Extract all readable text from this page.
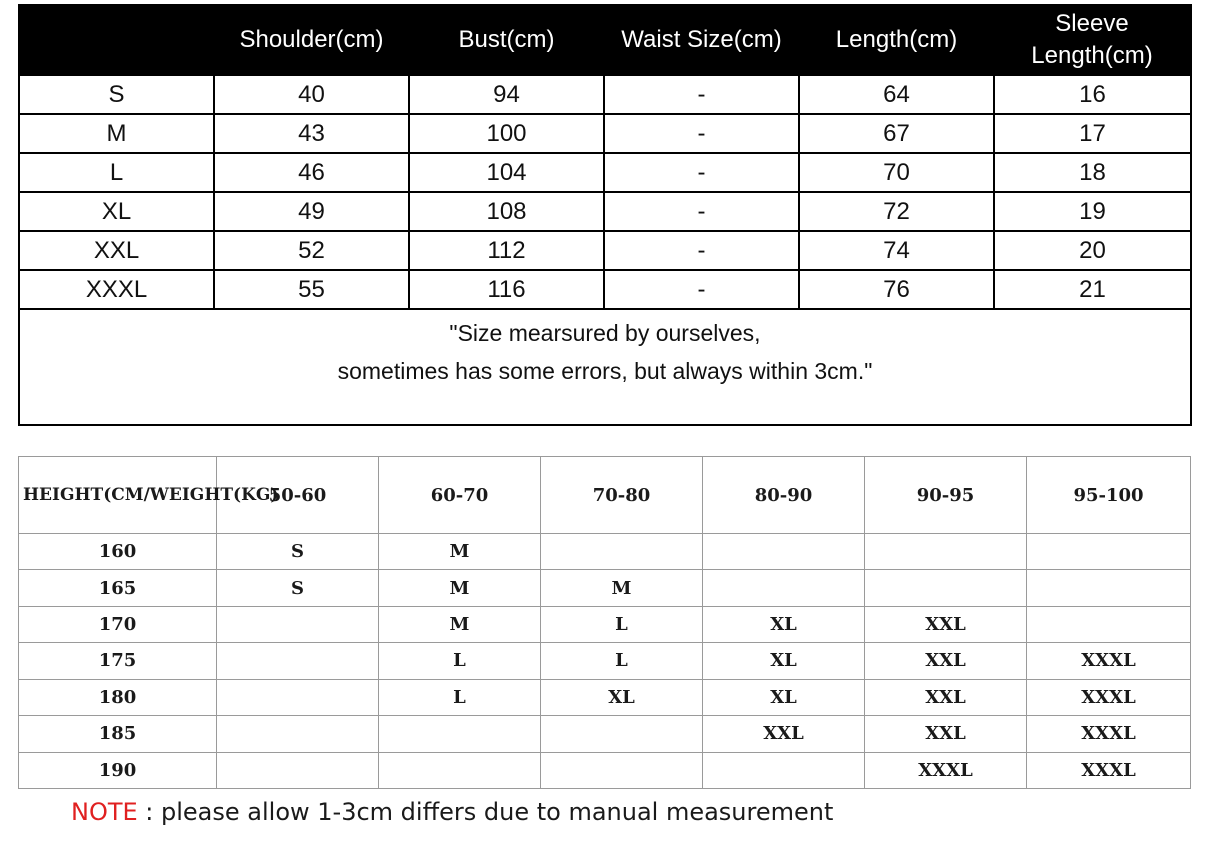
	Shoulder(cm)	Bust(cm)	Waist Size(cm)	Length(cm)	Sleeve
Length(cm)

S	40	94	-	64	16
M	43	100	-	67	17
L	46	104	-	70	18
XL	49	108	-	72	19
XXL	52	112	-	74	20
XXXL	55	116	-	76	21

"Size mearsured by ourselves,
sometimes has some errors, but always within 3cm."					
HEIGHT(CM/WEIGHT(KG)	50-60	60-70	70-80	80-90	90-95	95-100
160	S	M				
165	S	M	M			
170		M	L	XL	XXL	
175		L	L	XL	XXL	XXXL
180		L	XL	XL	XXL	XXXL
185				XXL	XXL	XXXL
190					XXXL	XXXL
NOTE : please allow 1-3cm differs due to manual measurement
